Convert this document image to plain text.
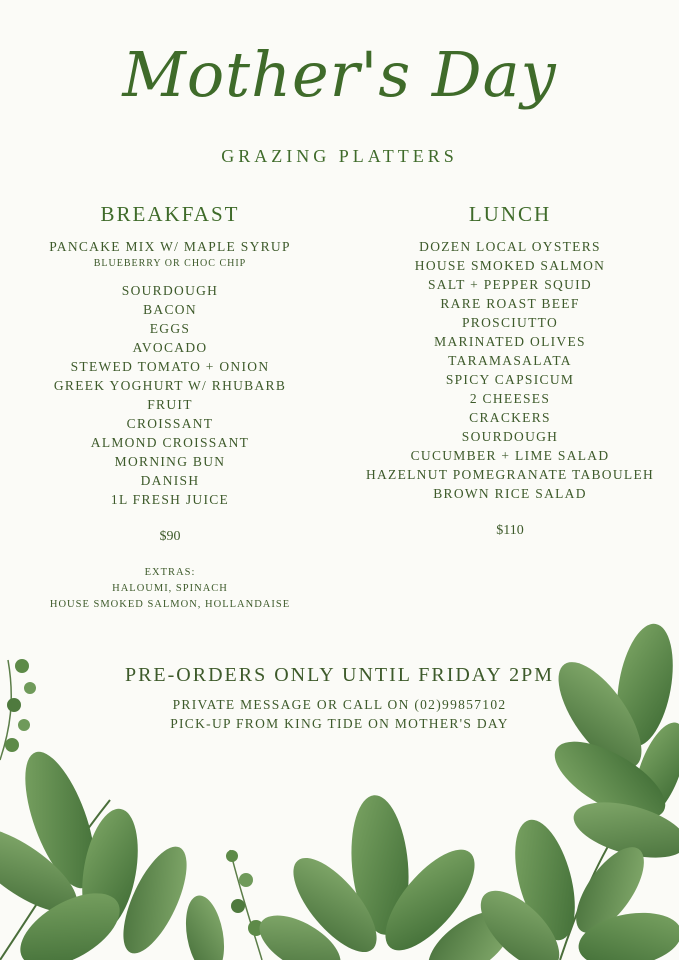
Mother's Day
GRAZING PLATTERS
BREAKFAST
PANCAKE MIX W/ MAPLE SYRUP
BLUEBERRY OR CHOC CHIP
SOURDOUGH
BACON
EGGS
AVOCADO
STEWED TOMATO + ONION
GREEK YOGHURT W/ RHUBARB
FRUIT
CROISSANT
ALMOND CROISSANT
MORNING BUN
DANISH
1L FRESH JUICE
$90
EXTRAS:
HALOUMI, SPINACH
HOUSE SMOKED SALMON, HOLLANDAISE
LUNCH
DOZEN LOCAL OYSTERS
HOUSE SMOKED SALMON
SALT + PEPPER SQUID
RARE ROAST BEEF
PROSCIUTTO
MARINATED OLIVES
TARAMASALATA
SPICY CAPSICUM
2 CHEESES
CRACKERS
SOURDOUGH
CUCUMBER + LIME SALAD
HAZELNUT POMEGRANATE TABOULEH
BROWN RICE SALAD
$110
PRE-ORDERS ONLY UNTIL FRIDAY 2PM
PRIVATE MESSAGE OR CALL ON (02)99857102
PICK-UP FROM KING TIDE ON MOTHER'S DAY
